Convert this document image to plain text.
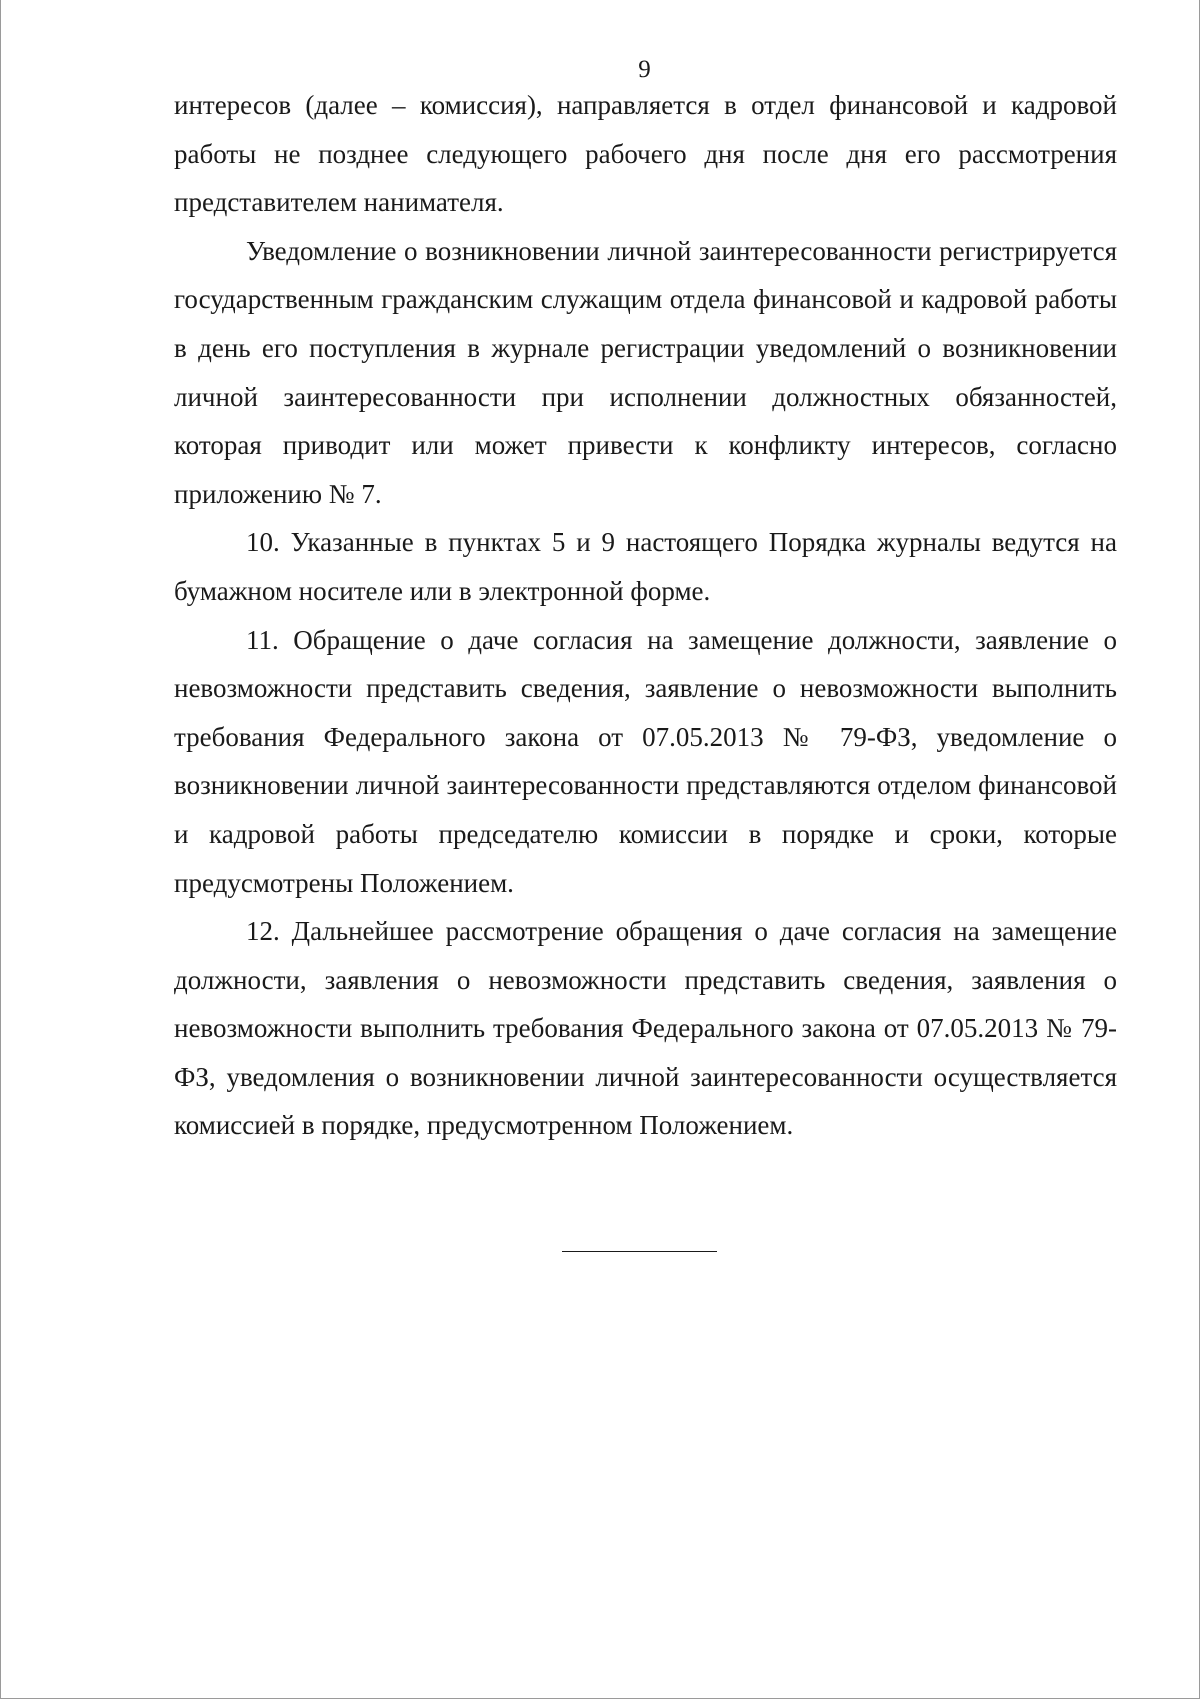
9

интересов (далее – комиссия), направляется в отдел финансовой и кадровой работы не позднее следующего рабочего дня после дня его рассмотрения представителем нанимателя.

Уведомление о возникновении личной заинтересованности регистрируется государственным гражданским служащим отдела финансовой и кадровой работы в день его поступления в журнале регистрации уведомлений о возникновении личной заинтересованности при исполнении должностных обязанностей, которая приводит или может привести к конфликту интересов, согласно приложению № 7.

10. Указанные в пунктах 5 и 9 настоящего Порядка журналы ведутся на бумажном носителе или в электронной форме.

11. Обращение о даче согласия на замещение должности, заявление о невозможности представить сведения, заявление о невозможности выполнить требования Федерального закона от 07.05.2013 № 79-ФЗ, уведомление о возникновении личной заинтересованности представляются отделом финансовой и кадровой работы председателю комиссии в порядке и сроки, которые предусмотрены Положением.

12. Дальнейшее рассмотрение обращения о даче согласия на замещение должности, заявления о невозможности представить сведения, заявления о невозможности выполнить требования Федерального закона от 07.05.2013 № 79-ФЗ, уведомления о возникновении личной заинтересованности осуществляется комиссией в порядке, предусмотренном Положением.
